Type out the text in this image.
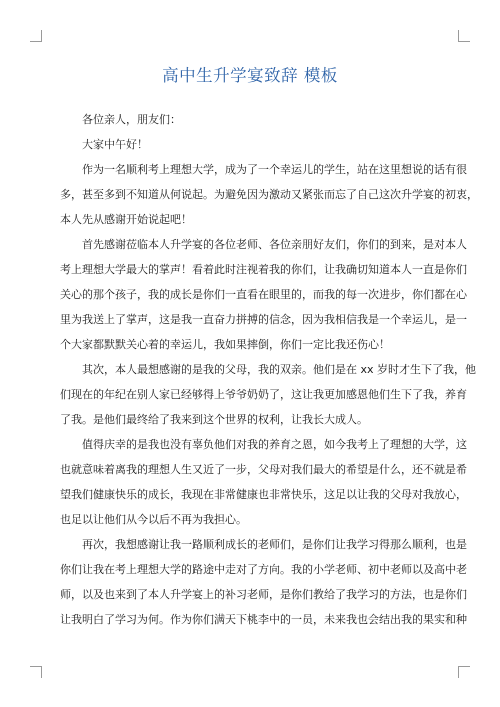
高中生升学宴致辞 模板
各位亲人，朋友们：
大家中午好！
作为一名顺利考上理想大学，成为了一个幸运儿的学生，站在这里想说的话有很
多，甚至多到不知道从何说起。为避免因为激动又紧张而忘了自己这次升学宴的初衷，
本人先从感谢开始说起吧！
首先感谢莅临本人升学宴的各位老师、各位亲朋好友们，你们的到来，是对本人
考上理想大学最大的掌声！看着此时注视着我的你们，让我确切知道本人一直是你们
关心的那个孩子，我的成长是你们一直看在眼里的，而我的每一次进步，你们都在心
里为我送上了掌声，这是我一直奋力拼搏的信念，因为我相信我是一个幸运儿，是一
个大家都默默关心着的幸运儿，我如果摔倒，你们一定比我还伤心！
其次，本人最想感谢的是我的父母，我的双亲。他们是在 xx 岁时才生下了我，他
们现在的年纪在别人家已经够得上爷爷奶奶了，这让我更加感恩他们生下了我，养育
了我。是他们最终给了我来到这个世界的权利，让我长大成人。
值得庆幸的是我也没有辜负他们对我的养育之恩，如今我考上了理想的大学，这
也就意味着离我的理想人生又近了一步，父母对我们最大的希望是什么，还不就是希
望我们健康快乐的成长，我现在非常健康也非常快乐，这足以让我的父母对我放心，
也足以让他们从今以后不再为我担心。
再次，我想感谢让我一路顺利成长的老师们，是你们让我学习得那么顺利，也是
你们让我在考上理想大学的路途中走对了方向。我的小学老师、初中老师以及高中老
师，以及也来到了本人升学宴上的补习老师，是你们教给了我学习的方法，也是你们
让我明白了学习为何。作为你们满天下桃李中的一员，未来我也会结出我的果实和种
